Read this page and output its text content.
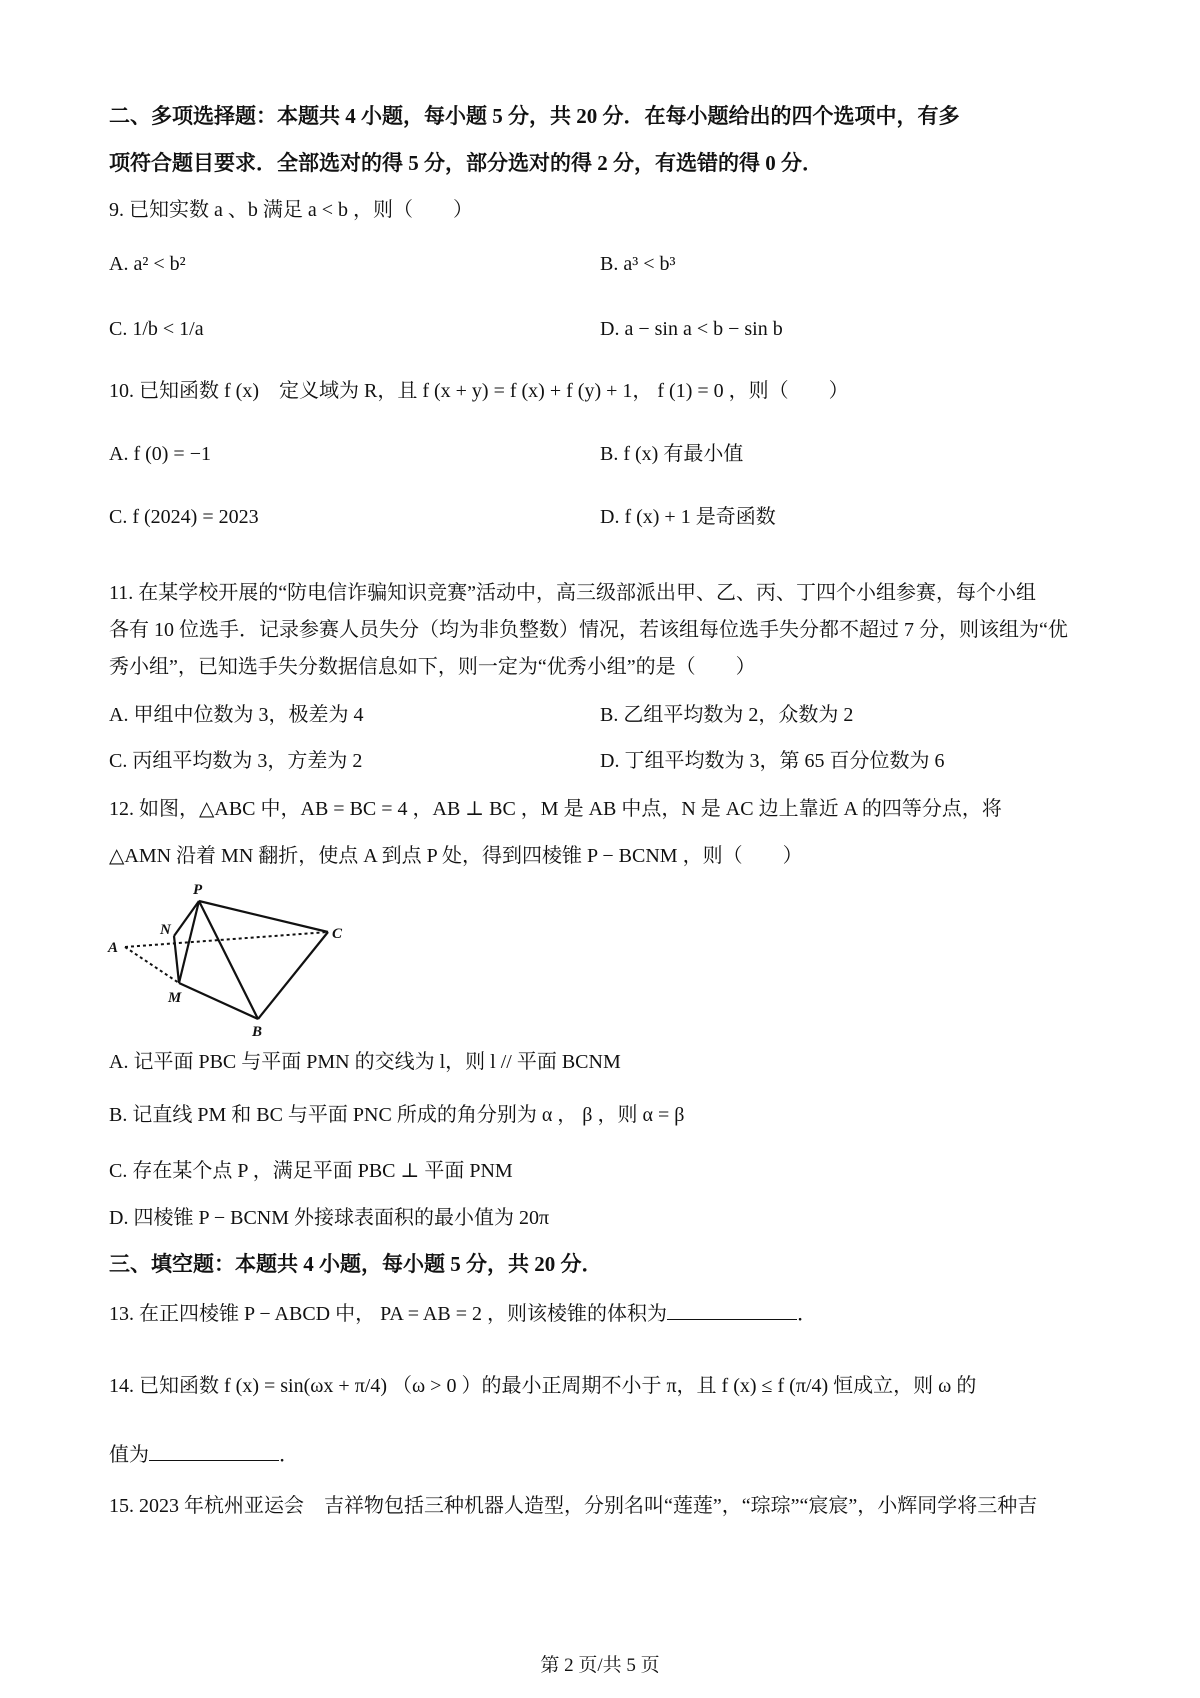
二、多项选择题：本题共 4 小题，每小题 5 分，共 20 分．在每小题给出的四个选项中，有多
项符合题目要求．全部选对的得 5 分，部分选对的得 2 分，有选错的得 0 分．
9. 已知实数 a 、b 满足 a < b ，则（　　）
A. a² < b²	B. a³ < b³
C. 1/b < 1/a	D. a − sin a < b − sin b
10. 已知函数 f (x)　定义域为 R，且 f (x + y) = f (x) + f (y) + 1， f (1) = 0 ，则（　　）
A. f (0) = −1	B. f (x) 有最小值
C. f (2024) = 2023	D. f (x) + 1 是奇函数
11. 在某学校开展的“防电信诈骗知识竞赛”活动中，高三级部派出甲、乙、丙、丁四个小组参赛，每个小组
各有 10 位选手．记录参赛人员失分（均为非负整数）情况，若该组每位选手失分都不超过 7 分，则该组为“优
秀小组”，已知选手失分数据信息如下，则一定为“优秀小组”的是（　　）
A. 甲组中位数为 3，极差为 4	B. 乙组平均数为 2，众数为 2
C. 丙组平均数为 3，方差为 2	D. 丁组平均数为 3，第 65 百分位数为 6
12. 如图，△ABC 中，AB = BC = 4 ，AB ⊥ BC ，M 是 AB 中点，N 是 AC 边上靠近 A 的四等分点，将
△AMN 沿着 MN 翻折，使点 A 到点 P 处，得到四棱锥 P − BCNM ，则（　　）
P
N
A
C
M
B
A. 记平面 PBC 与平面 PMN 的交线为 l，则 l // 平面 BCNM
B. 记直线 PM 和 BC 与平面 PNC 所成的角分别为 α ， β ，则 α = β
C. 存在某个点 P ，满足平面 PBC ⊥ 平面 PNM
D. 四棱锥 P − BCNM 外接球表面积的最小值为 20π
三、填空题：本题共 4 小题，每小题 5 分，共 20 分．
13. 在正四棱锥 P − ABCD 中， PA = AB = 2 ，则该棱锥的体积为	．
14. 已知函数 f (x) = sin(ωx + π/4) （ω > 0 ）的最小正周期不小于 π，且 f (x) ≤ f (π/4) 恒成立，则 ω 的
值为	．
15. 2023 年杭州亚运会　吉祥物包括三种机器人造型，分别名叫“莲莲”，“琮琮”“宸宸”，小辉同学将三种吉
第 2 页/共 5 页
